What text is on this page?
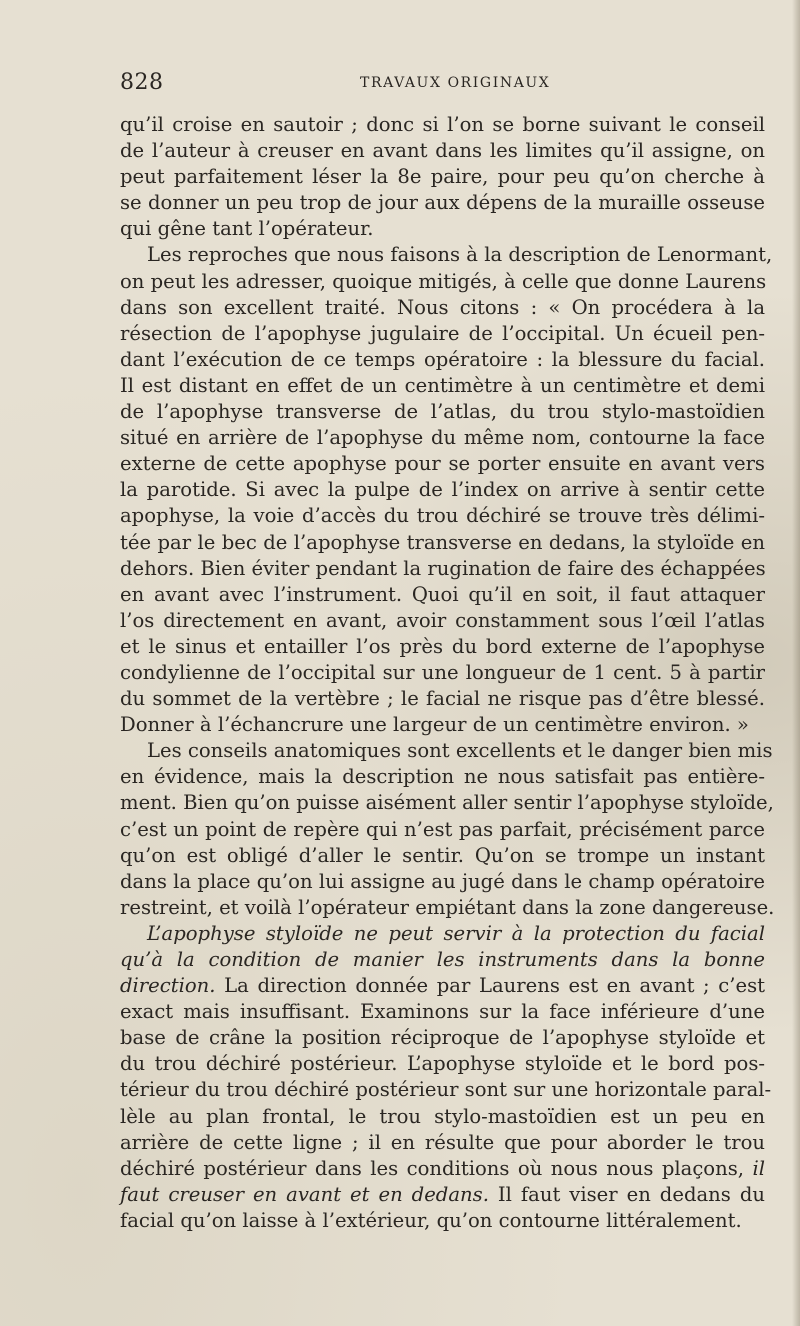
828	TRAVAUX ORIGINAUX
qu’il croise en sautoir ; donc si l’on se borne suivant le conseil
de l’auteur à creuser en avant dans les limites qu’il assigne, on
peut parfaitement léser la 8e paire, pour peu qu’on cherche à
se donner un peu trop de jour aux dépens de la muraille osseuse
qui gêne tant l’opérateur.
Les reproches que nous faisons à la description de Lenormant,
on peut les adresser, quoique mitigés, à celle que donne Laurens
dans son excellent traité. Nous citons : « On procédera à la
résection de l’apophyse jugulaire de l’occipital. Un écueil pen-
dant l’exécution de ce temps opératoire : la blessure du facial.
Il est distant en effet de un centimètre à un centimètre et demi
de l’apophyse transverse de l’atlas, du trou stylo-mastoïdien
situé en arrière de l’apophyse du même nom, contourne la face
externe de cette apophyse pour se porter ensuite en avant vers
la parotide. Si avec la pulpe de l’index on arrive à sentir cette
apophyse, la voie d’accès du trou déchiré se trouve très délimi-
tée par le bec de l’apophyse transverse en dedans, la styloïde en
dehors. Bien éviter pendant la rugination de faire des échappées
en avant avec l’instrument. Quoi qu’il en soit, il faut attaquer
l’os directement en avant, avoir constamment sous l’œil l’atlas
et le sinus et entailler l’os près du bord externe de l’apophyse
condylienne de l’occipital sur une longueur de 1 cent. 5 à partir
du sommet de la vertèbre ; le facial ne risque pas d’être blessé.
Donner à l’échancrure une largeur de un centimètre environ. »
Les conseils anatomiques sont excellents et le danger bien mis
en évidence, mais la description ne nous satisfait pas entière-
ment. Bien qu’on puisse aisément aller sentir l’apophyse styloïde,
c’est un point de repère qui n’est pas parfait, précisément parce
qu’on est obligé d’aller le sentir. Qu’on se trompe un instant
dans la place qu’on lui assigne au jugé dans le champ opératoire
restreint, et voilà l’opérateur empiétant dans la zone dangereuse.
L’apophyse styloïde ne peut servir à la protection du facial
qu’à la condition de manier les instruments dans la bonne
direction. La direction donnée par Laurens est en avant ; c’est
exact mais insuffisant. Examinons sur la face inférieure d’une
base de crâne la position réciproque de l’apophyse styloïde et
du trou déchiré postérieur. L’apophyse styloïde et le bord pos-
térieur du trou déchiré postérieur sont sur une horizontale paral-
lèle au plan frontal, le trou stylo-mastoïdien est un peu en
arrière de cette ligne ; il en résulte que pour aborder le trou
déchiré postérieur dans les conditions où nous nous plaçons, il
faut creuser en avant et en dedans. Il faut viser en dedans du
facial qu’on laisse à l’extérieur, qu’on contourne littéralement.
